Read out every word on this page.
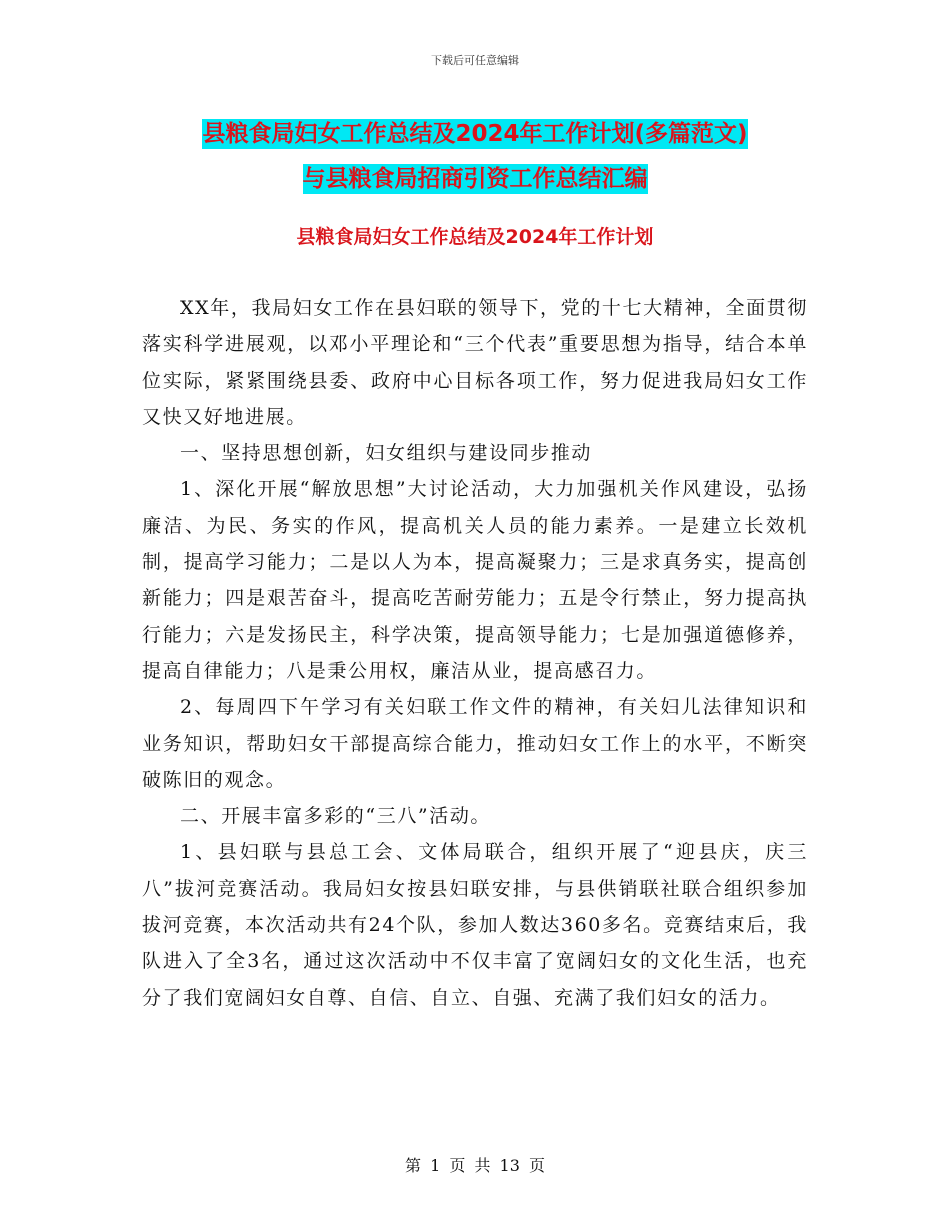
下载后可任意编辑
县粮食局妇女工作总结及2024年工作计划(多篇范文)
与县粮食局招商引资工作总结汇编
县粮食局妇女工作总结及2024年工作计划

XX年，我局妇女工作在县妇联的领导下，党的十七大精神，全面贯彻落实科学进展观，以邓小平理论和“三个代表”重要思想为指导，结合本单位实际，紧紧围绕县委、政府中心目标各项工作，努力促进我局妇女工作又快又好地进展。

一、坚持思想创新，妇女组织与建设同步推动

1、深化开展“解放思想”大讨论活动，大力加强机关作风建设，弘扬廉洁、为民、务实的作风，提高机关人员的能力素养。一是建立长效机制，提高学习能力；二是以人为本，提高凝聚力；三是求真务实，提高创新能力；四是艰苦奋斗，提高吃苦耐劳能力；五是令行禁止，努力提高执行能力；六是发扬民主，科学决策，提高领导能力；七是加强道德修养，提高自律能力；八是秉公用权，廉洁从业，提高感召力。

2、每周四下午学习有关妇联工作文件的精神，有关妇儿法律知识和业务知识，帮助妇女干部提高综合能力，推动妇女工作上的水平，不断突破陈旧的观念。

二、开展丰富多彩的“三八”活动。

1、县妇联与县总工会、文体局联合，组织开展了“迎县庆，庆三八”拔河竞赛活动。我局妇女按县妇联安排，与县供销联社联合组织参加拔河竞赛，本次活动共有24个队，参加人数达360多名。竞赛结束后，我队进入了全3名，通过这次活动中不仅丰富了宽阔妇女的文化生活，也充分了我们宽阔妇女自尊、自信、自立、自强、充满了我们妇女的活力。

第 1 页 共 13 页
